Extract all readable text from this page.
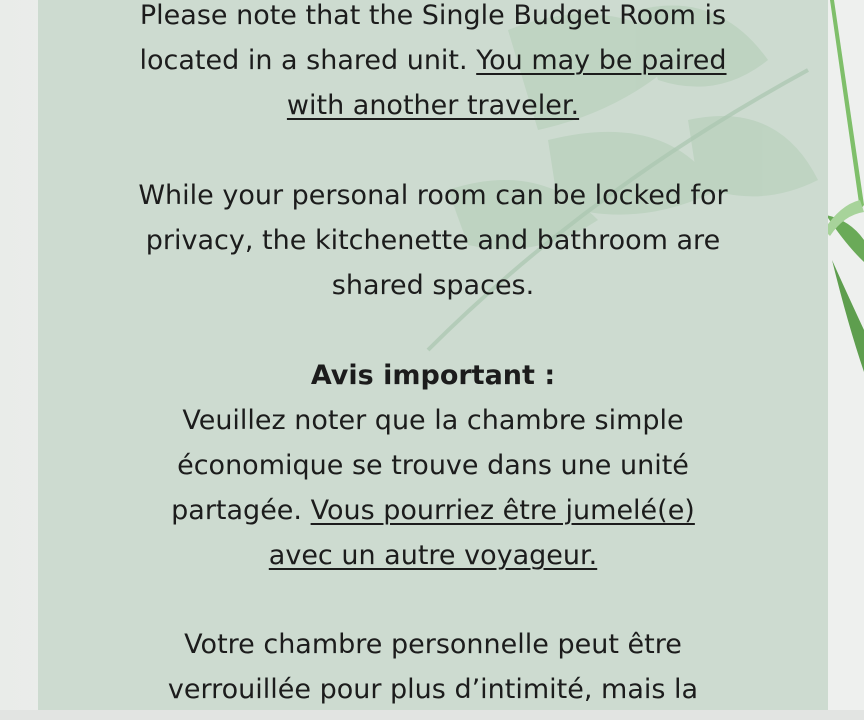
Please note that the Single Budget Room is
located in a shared unit. You may be paired
with another traveler.
While your personal room can be locked for
privacy, the kitchenette and bathroom are
shared spaces.
Avis important :
Veuillez noter que la chambre simple
économique se trouve dans une unité
partagée. Vous pourriez être jumelé(e)
avec un autre voyageur.
Votre chambre personnelle peut être
verrouillée pour plus d’intimité, mais la
